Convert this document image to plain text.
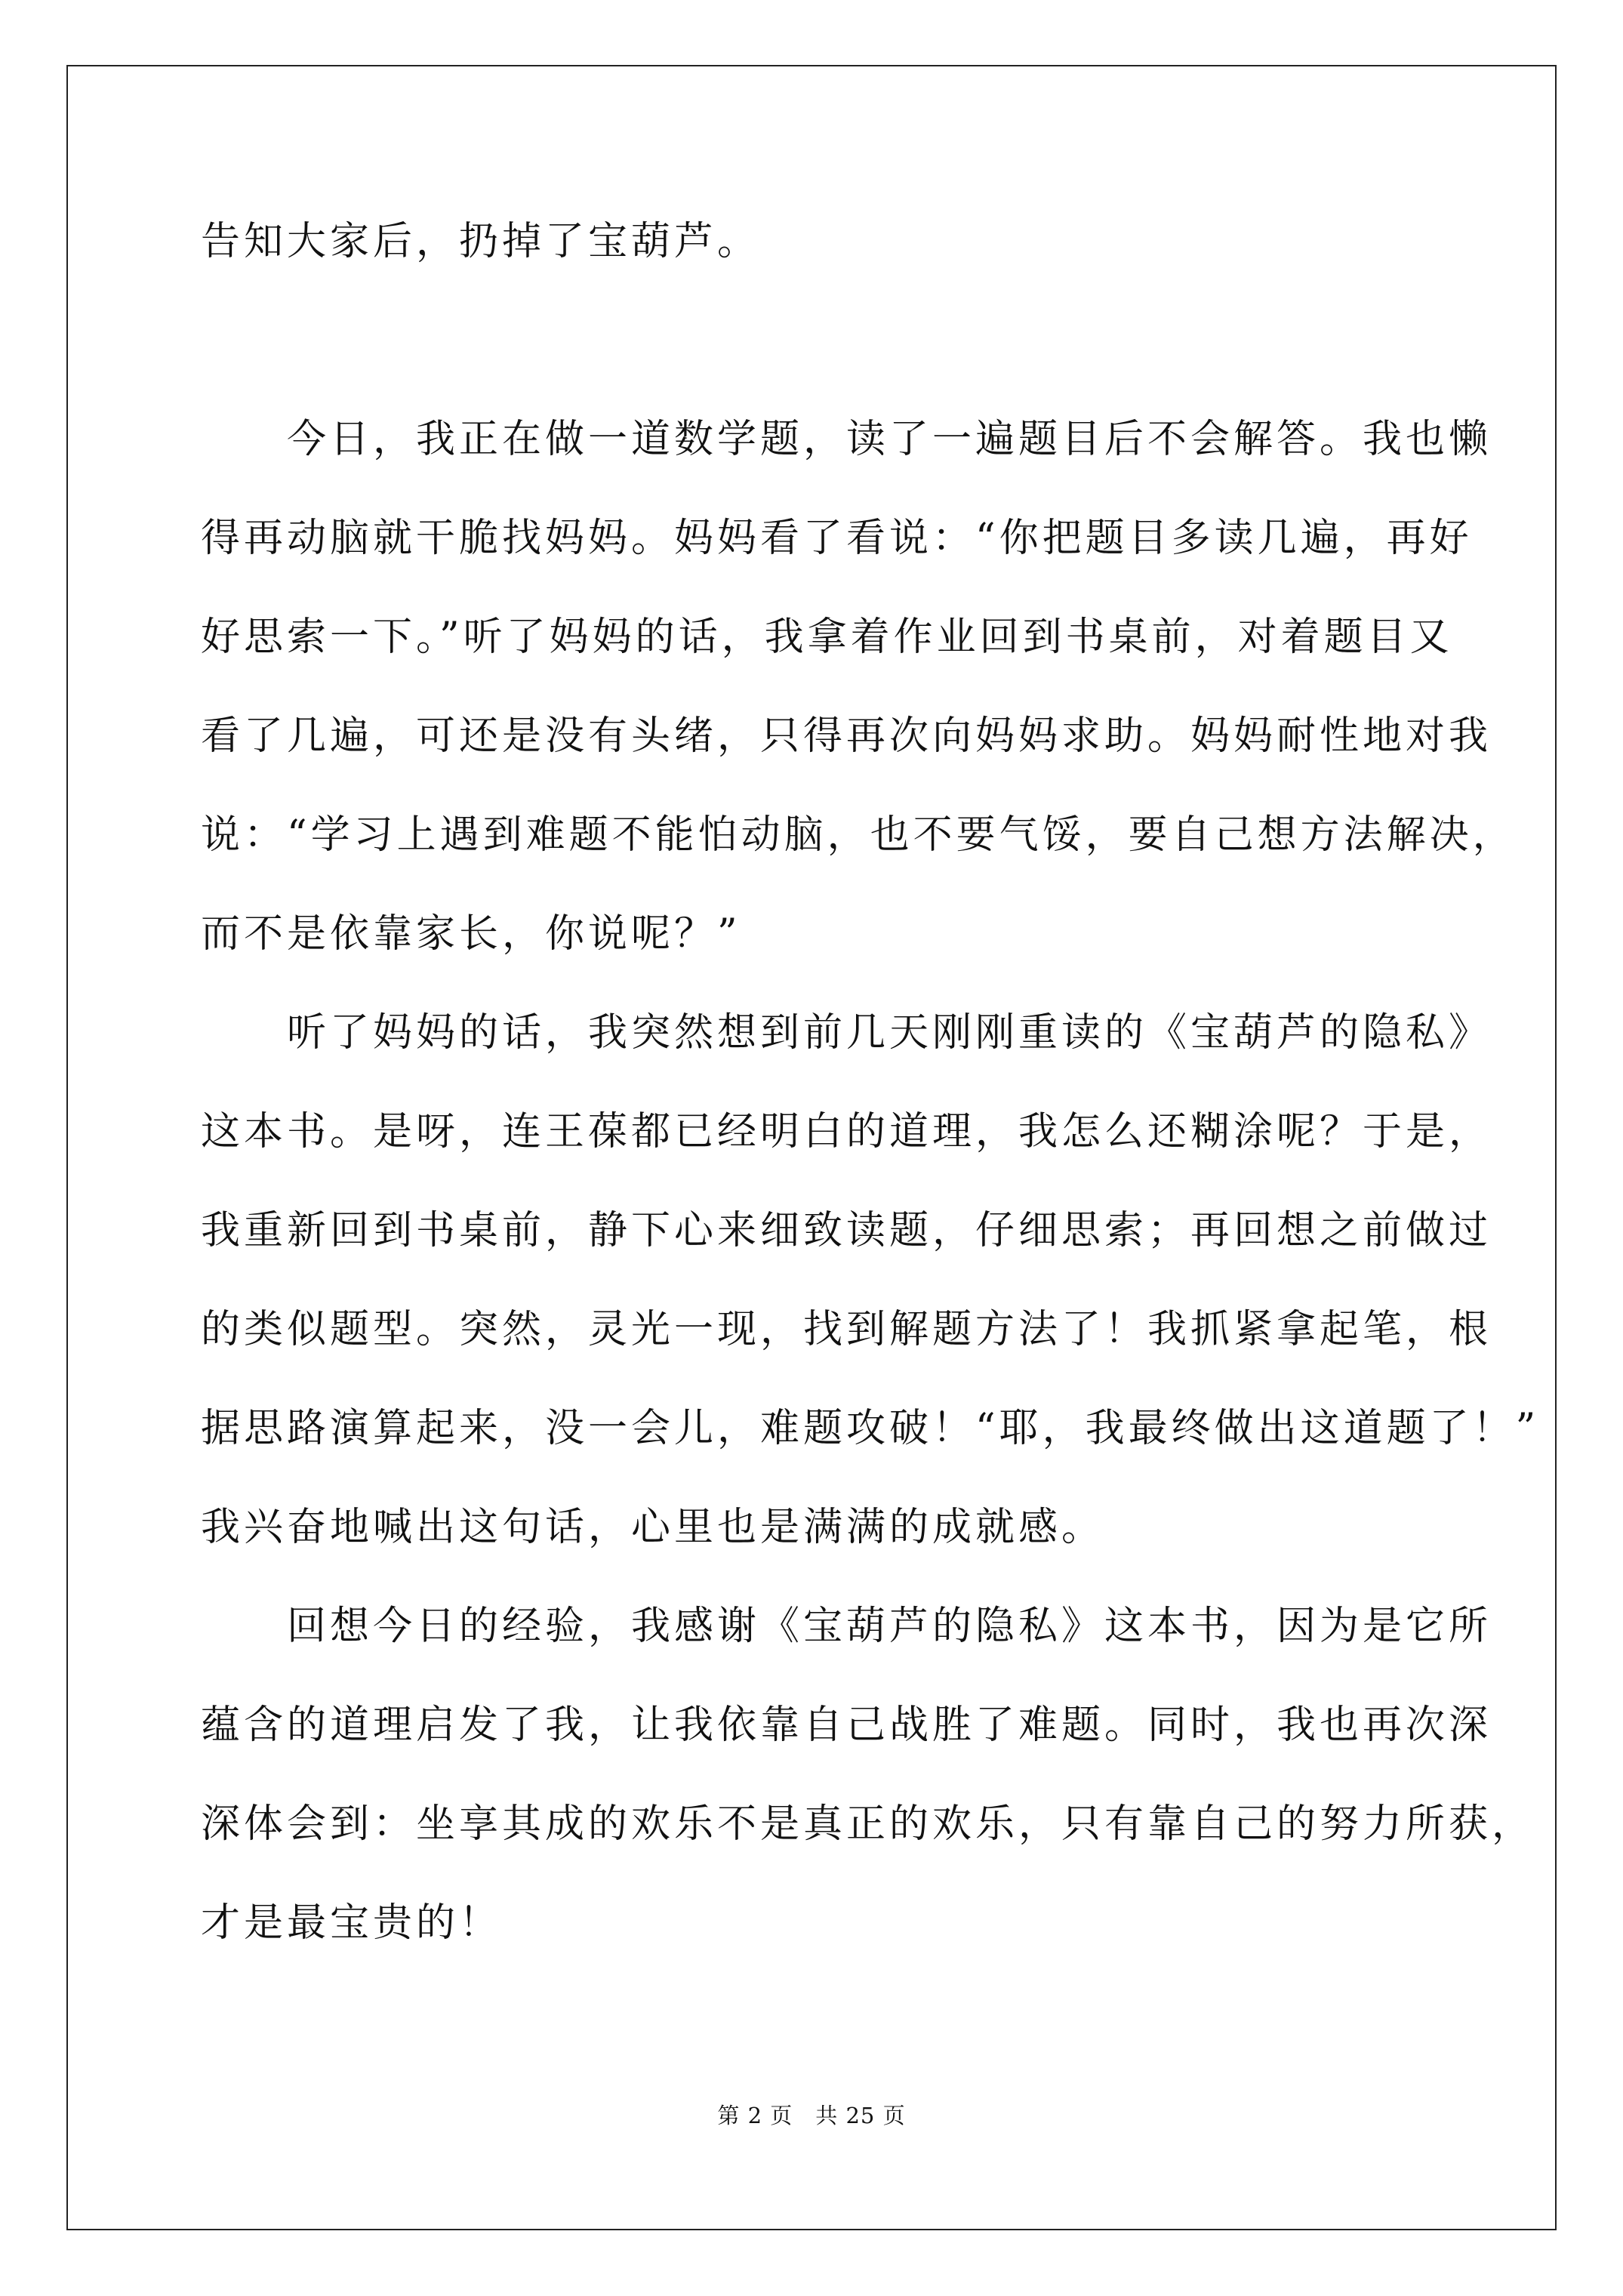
告知大家后，扔掉了宝葫芦。
　　今日，我正在做一道数学题，读了一遍题目后不会解答。我也懒
得再动脑就干脆找妈妈。妈妈看了看说：“你把题目多读几遍，再好
好思索一下。”听了妈妈的话，我拿着作业回到书桌前，对着题目又
看了几遍，可还是没有头绪，只得再次向妈妈求助。妈妈耐性地对我
说：“学习上遇到难题不能怕动脑，也不要气馁，要自己想方法解决，
而不是依靠家长，你说呢？”
　　听了妈妈的话，我突然想到前几天刚刚重读的《宝葫芦的隐私》
这本书。是呀，连王葆都已经明白的道理，我怎么还糊涂呢？于是，
我重新回到书桌前，静下心来细致读题，仔细思索；再回想之前做过
的类似题型。突然，灵光一现，找到解题方法了！我抓紧拿起笔，根
据思路演算起来，没一会儿，难题攻破！“耶，我最终做出这道题了！”
我兴奋地喊出这句话，心里也是满满的成就感。
　　回想今日的经验，我感谢《宝葫芦的隐私》这本书，因为是它所
蕴含的道理启发了我，让我依靠自己战胜了难题。同时，我也再次深
深体会到：坐享其成的欢乐不是真正的欢乐，只有靠自己的努力所获，
才是最宝贵的！
第 2 页　共 25 页
